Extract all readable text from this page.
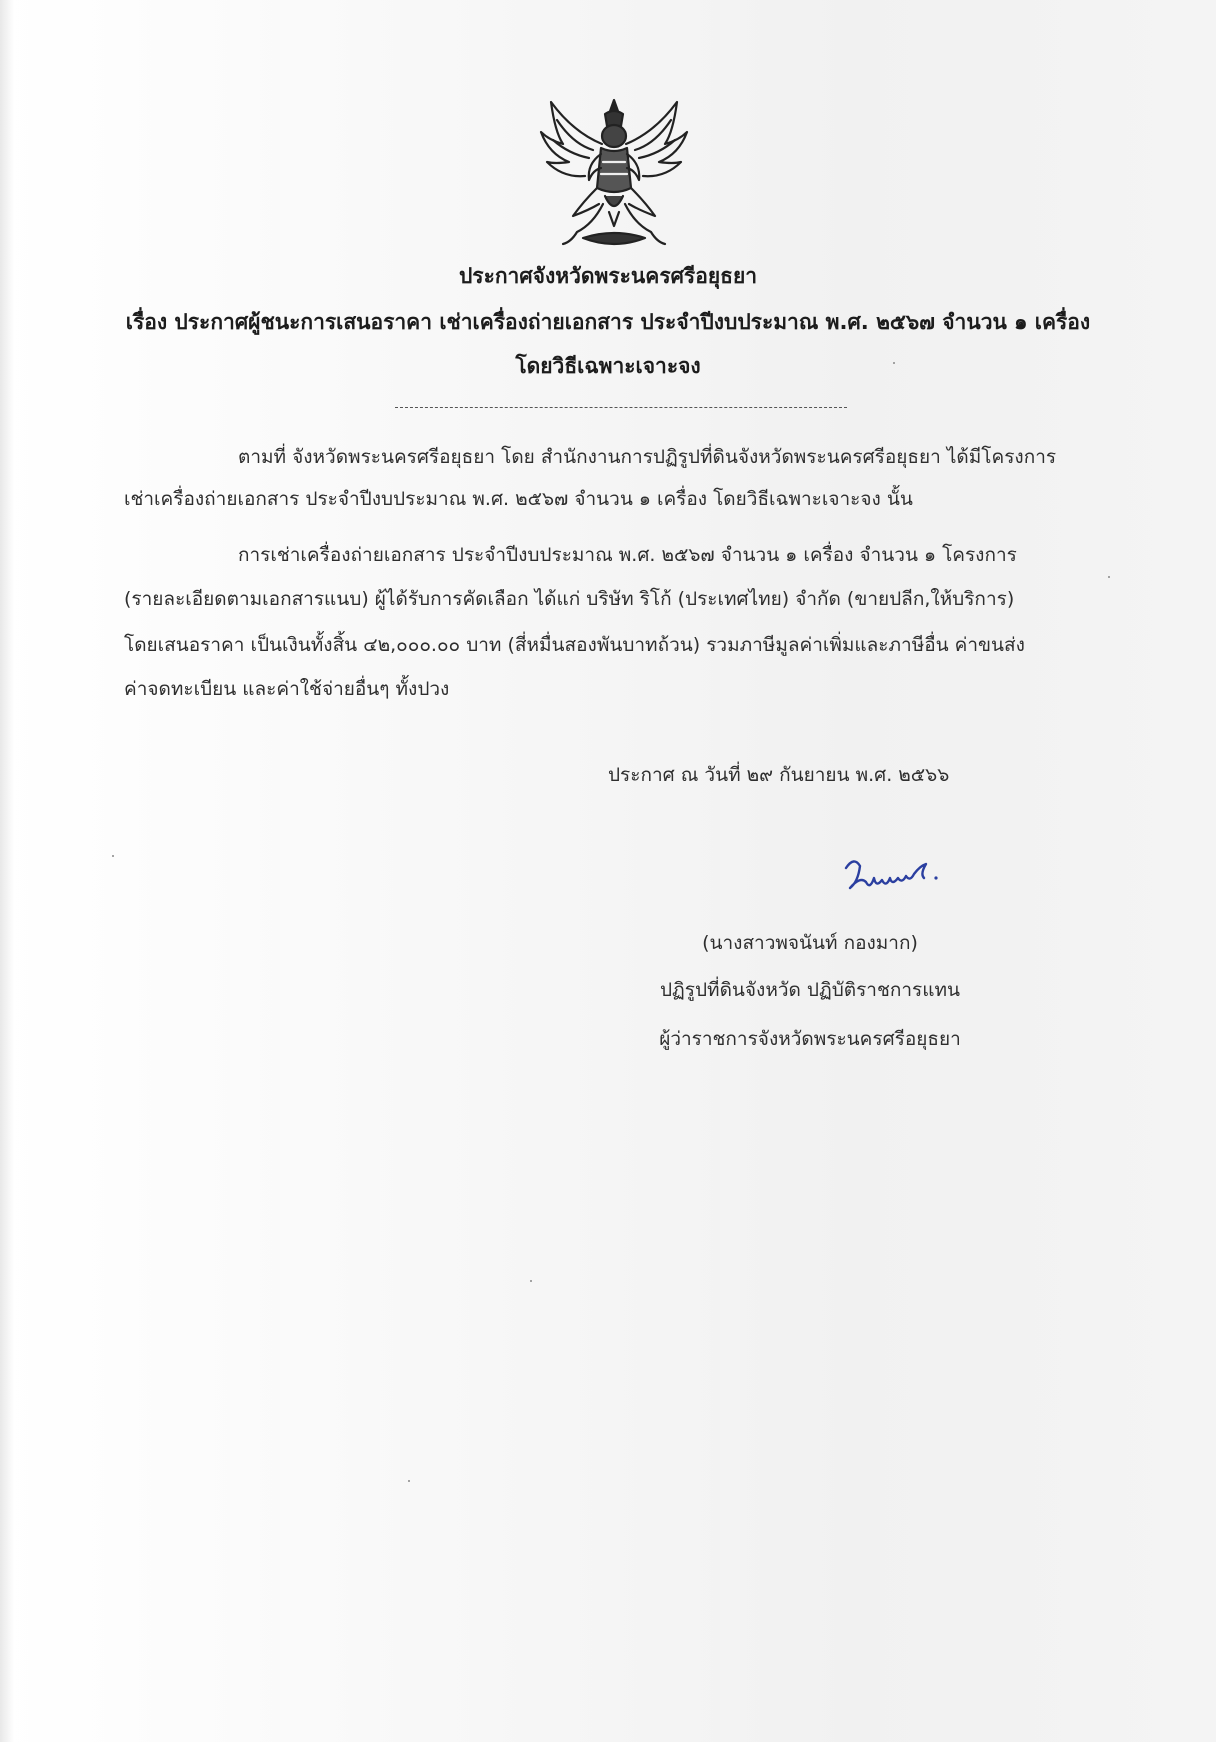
ประกาศจังหวัดพระนครศรีอยุธยา
เรื่อง ประกาศผู้ชนะการเสนอราคา เช่าเครื่องถ่ายเอกสาร ประจำปีงบประมาณ พ.ศ. ๒๕๖๗ จำนวน ๑ เครื่อง
โดยวิธีเฉพาะเจาะจง
ตามที่ จังหวัดพระนครศรีอยุธยา โดย สำนักงานการปฏิรูปที่ดินจังหวัดพระนครศรีอยุธยา ได้มีโครงการ
เช่าเครื่องถ่ายเอกสาร ประจำปีงบประมาณ พ.ศ. ๒๕๖๗ จำนวน ๑ เครื่อง โดยวิธีเฉพาะเจาะจง นั้น
การเช่าเครื่องถ่ายเอกสาร ประจำปีงบประมาณ พ.ศ. ๒๕๖๗ จำนวน ๑ เครื่อง จำนวน ๑ โครงการ
(รายละเอียดตามเอกสารแนบ) ผู้ได้รับการคัดเลือก ได้แก่ บริษัท ริโก้ (ประเทศไทย) จำกัด (ขายปลีก,ให้บริการ)
โดยเสนอราคา เป็นเงินทั้งสิ้น ๔๒,๐๐๐.๐๐ บาท (สี่หมื่นสองพันบาทถ้วน) รวมภาษีมูลค่าเพิ่มและภาษีอื่น ค่าขนส่ง
ค่าจดทะเบียน และค่าใช้จ่ายอื่นๆ ทั้งปวง
ประกาศ ณ วันที่ ๒๙ กันยายน พ.ศ. ๒๕๖๖
(นางสาวพจนันท์ กองมาก)
ปฏิรูปที่ดินจังหวัด ปฏิบัติราชการแทน
ผู้ว่าราชการจังหวัดพระนครศรีอยุธยา
